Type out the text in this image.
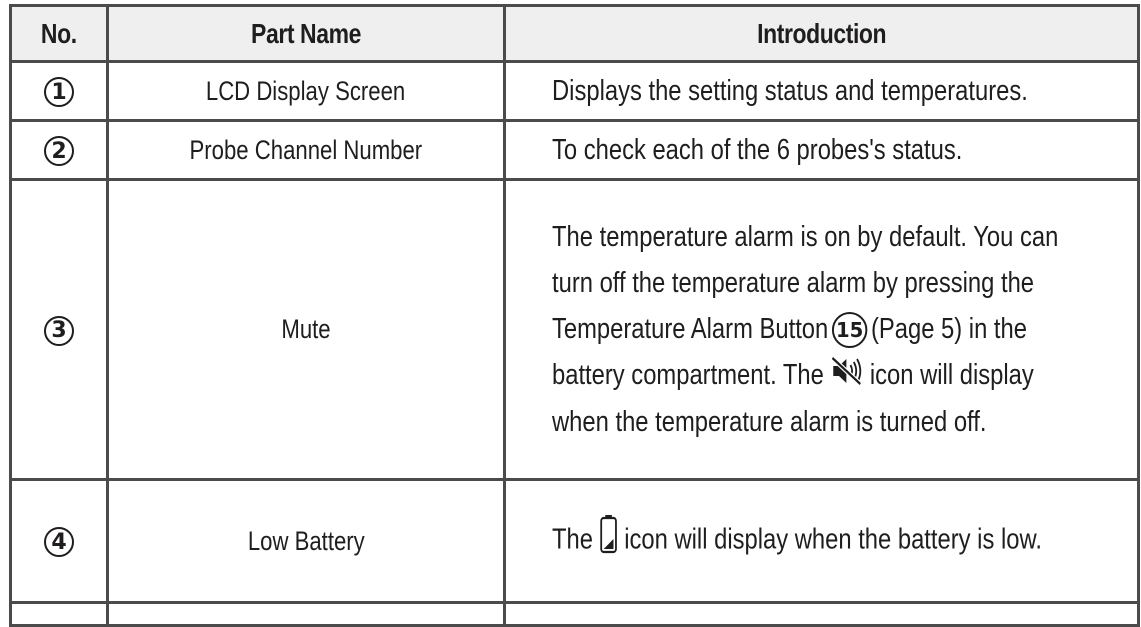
No.	Part Name	Introduction
1	LCD Display Screen	Displays the setting status and temperatures.

2	Probe Channel Number	To check each of the 6 probes's status.

3	Mute	The temperature alarm is on by default. You can turn off the temperature alarm by pressing the Temperature Alarm Button 15 (Page 5) in the battery compartment. The icon will display when the temperature alarm is turned off.

4	Low Battery	The icon will display when the battery is low.
